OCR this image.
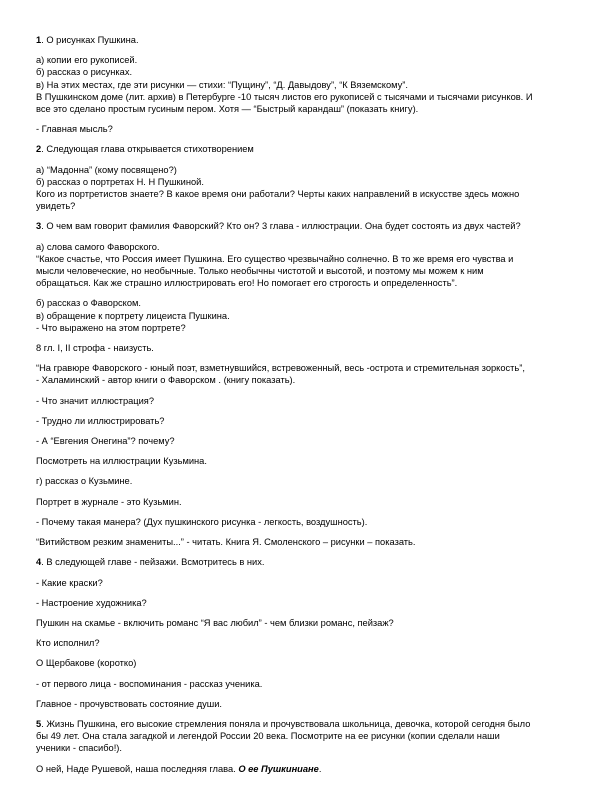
1. О рисунках Пушкина.

а) копии его рукописей.
б) рассказ о рисунках.
в) На этих местах, где эти рисунки — стихи: “Пущину”, “Д. Давыдову”, “К Вяземскому”.
В Пушкинском доме (лит. архив) в Петербурге -10 тысяч листов его рукописей с тысячами и тысячами рисунков. И
все это сделано простым гусиным пером. Хотя — “Быстрый карандаш” (показать книгу).

- Главная мысль?

2. Следующая глава открывается стихотворением

а) “Мадонна” (кому посвящено?)
б) рассказ о портретах Н. Н Пушкиной.
Кого из портретистов знаете? В какое время они работали? Черты каких направлений в искусстве здесь можно
увидеть?

3. О чем вам говорит фамилия Фаворский? Кто он? 3 глава - иллюстрации. Она будет состоять из двух частей?

а) слова самого Фаворского.
“Какое счастье, что Россия имеет Пушкина. Его существо чрезвычайно солнечно. В то же время его чувства и
мысли человеческие, но необычные. Только необычны чистотой и высотой, и поэтому мы можем к ним
обращаться. Как же страшно иллюстрировать его! Но помогает его строгость и определенность”.
б) рассказ о Фаворском.
в) обращение к портрету лицеиста Пушкина.
- Что выражено на этом портрете?

8 гл. I, II строфа - наизусть.

“На гравюре Фаворского - юный поэт, взметнувшийся, встревоженный, весь -острота и стремительная зоркость”,
- Халаминский - автор книги о Фаворском . (книгу показать).

- Что значит иллюстрация?

- Трудно ли иллюстрировать?

- А “Евгения Онегина”? почему?

Посмотреть на иллюстрации Кузьмина.

г) рассказ о Кузьмине.

Портрет в журнале - это Кузьмин.

- Почему такая манера? (Дух пушкинского рисунка - легкость, воздушность).

“Витийством резким знамениты...” - читать. Книга Я. Смоленского – рисунки – показать.

4. В следующей главе - пейзажи. Всмотритесь в них.

- Какие краски?

- Настроение художника?

Пушкин на скамье - включить романс “Я вас любил” - чем близки романс, пейзаж?

Кто исполнил?

О Щербакове (коротко)

- от первого лица - воспоминания - рассказ ученика.

Главное - прочувствовать состояние души.

5. Жизнь Пушкина, его высокие стремления поняла и прочувствовала школьница, девочка, которой сегодня было
бы 49 лет. Она стала загадкой и легендой России 20 века. Посмотрите на ее рисунки (копии сделали наши
ученики - спасибо!).

О ней, Наде Рушевой, наша последняя глава. О ее Пушкиниане.
